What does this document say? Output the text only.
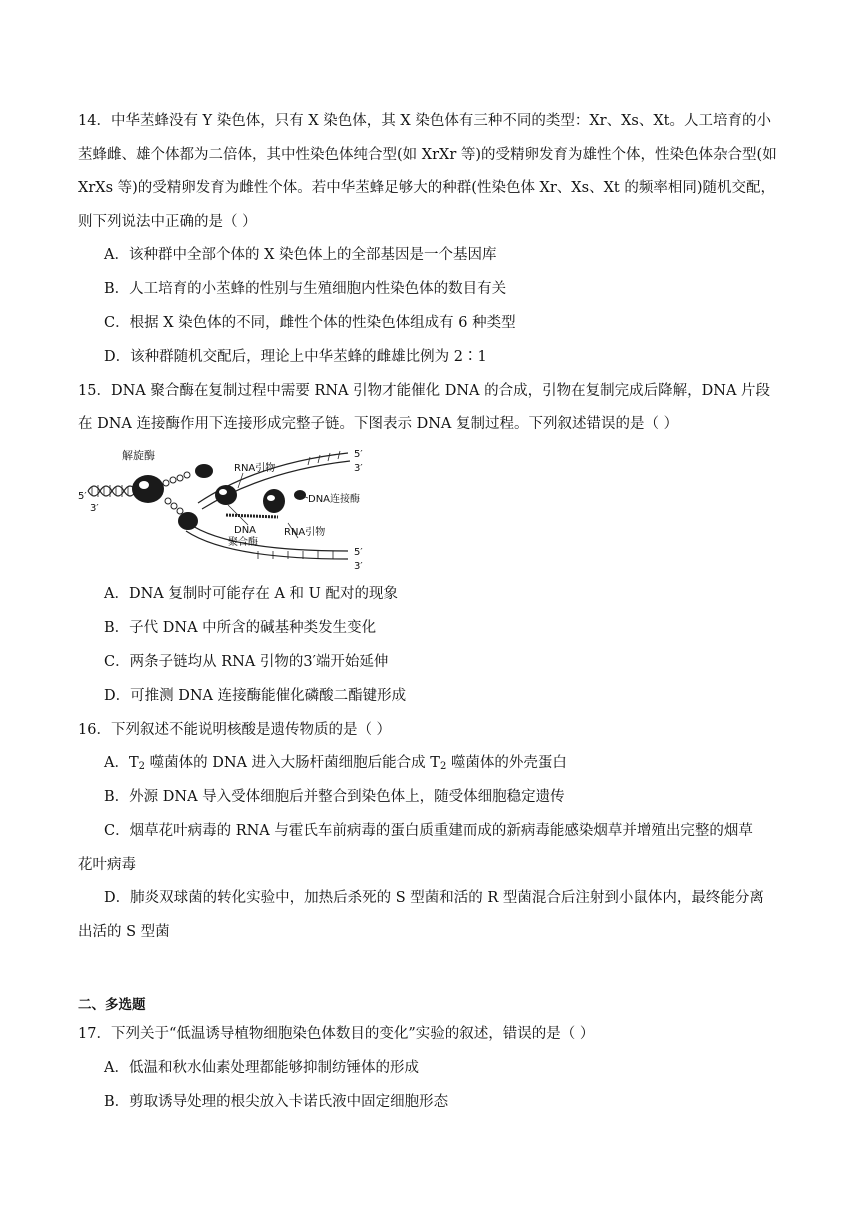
14．中华苤蜂没有 Y 染色体，只有 X 染色体，其 X 染色体有三种不同的类型：Xr、Xs、Xt。人工培育的小
苤蜂雌、雄个体都为二倍体，其中性染色体纯合型(如 XrXr 等)的受精卵发育为雄性个体，性染色体杂合型(如
XrXs 等)的受精卵发育为雌性个体。若中华苤蜂足够大的种群(性染色体 Xr、Xs、Xt 的频率相同)随机交配，
则下列说法中正确的是（ ）
A．该种群中全部个体的 X 染色体上的全部基因是一个基因库
B．人工培育的小苤蜂的性别与生殖细胞内性染色体的数目有关
C．根据 X 染色体的不同，雌性个体的性染色体组成有 6 种类型
D．该种群随机交配后，理论上中华苤蜂的雌雄比例为 2∶1
15．DNA 聚合酶在复制过程中需要 RNA 引物才能催化 DNA 的合成，引物在复制完成后降解，DNA 片段
在 DNA 连接酶作用下连接形成完整子链。下图表示 DNA 复制过程。下列叙述错误的是（ ）
解旋酶
RNA引物
DNA连接酶
DNA
聚合酶
RNA引物
5′
3′
5′
3′
5′
3′
A．DNA 复制时可能存在 A 和 U 配对的现象
B．子代 DNA 中所含的碱基种类发生变化
C．两条子链均从 RNA 引物的3′端开始延伸
D．可推测 DNA 连接酶能催化磷酸二酯键形成
16．下列叙述不能说明核酸是遗传物质的是（ ）
A．$T_2$ 噬菌体的 DNA 进入大肠杆菌细胞后能合成 $T_2$ 噬菌体的外壳蛋白
B．外源 DNA 导入受体细胞后并整合到染色体上，随受体细胞稳定遗传
C．烟草花叶病毒的 RNA 与霍氏车前病毒的蛋白质重建而成的新病毒能感染烟草并增殖出完整的烟草
花叶病毒
D．肺炎双球菌的转化实验中，加热后杀死的 S 型菌和活的 R 型菌混合后注射到小鼠体内，最终能分离
出活的 S 型菌
二、多选题
17．下列关于“低温诱导植物细胞染色体数目的变化”实验的叙述，错误的是（ ）
A．低温和秋水仙素处理都能够抑制纺锤体的形成
B．剪取诱导处理的根尖放入卡诺氏液中固定细胞形态
